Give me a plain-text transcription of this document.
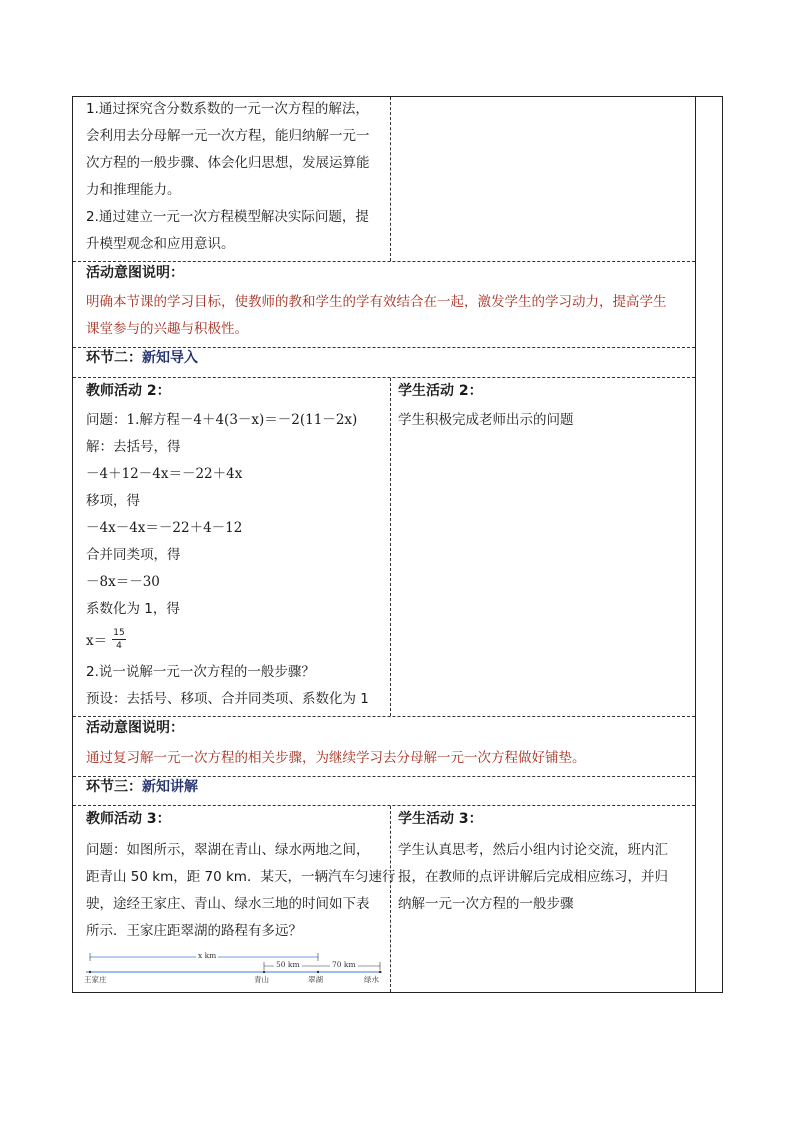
1.通过探究含分数系数的一元一次方程的解法，
会利用去分母解一元一次方程，能归纳解一元一
次方程的一般步骤、体会化归思想，发展运算能
力和推理能力。
2.通过建立一元一次方程模型解决实际问题，提
升模型观念和应用意识。
活动意图说明：
明确本节课的学习目标，使教师的教和学生的学有效结合在一起，激发学生的学习动力，提高学生
课堂参与的兴趣与积极性。
环节二：新知导入
教师活动 2：
问题：1.解方程－4＋4(3－x)＝－2(11－2x)
解：去括号，得
－4＋12－4x＝－22＋4x
移项，得
－4x－4x＝－22＋4－12
合并同类项，得
－8x＝－30
系数化为 1，得
x＝ 15
4
2.说一说解一元一次方程的一般步骤？
预设：去括号、移项、合并同类项、系数化为 1
学生活动 2：
学生积极完成老师出示的问题
活动意图说明：
通过复习解一元一次方程的相关步骤，为继续学习去分母解一元一次方程做好铺垫。
环节三：新知讲解
教师活动 3：
问题：如图所示，翠湖在青山、绿水两地之间，
距青山 50 km，距 70 km．某天，一辆汽车匀速行
驶，途经王家庄、青山、绿水三地的时间如下表
所示．王家庄距翠湖的路程有多远？
学生活动 3：
学生认真思考，然后小组内讨论交流，班内汇
报，在教师的点评讲解后完成相应练习，并归
纳解一元一次方程的一般步骤
x km
50 km	70 km
王家庄	青山	翠湖	绿水
